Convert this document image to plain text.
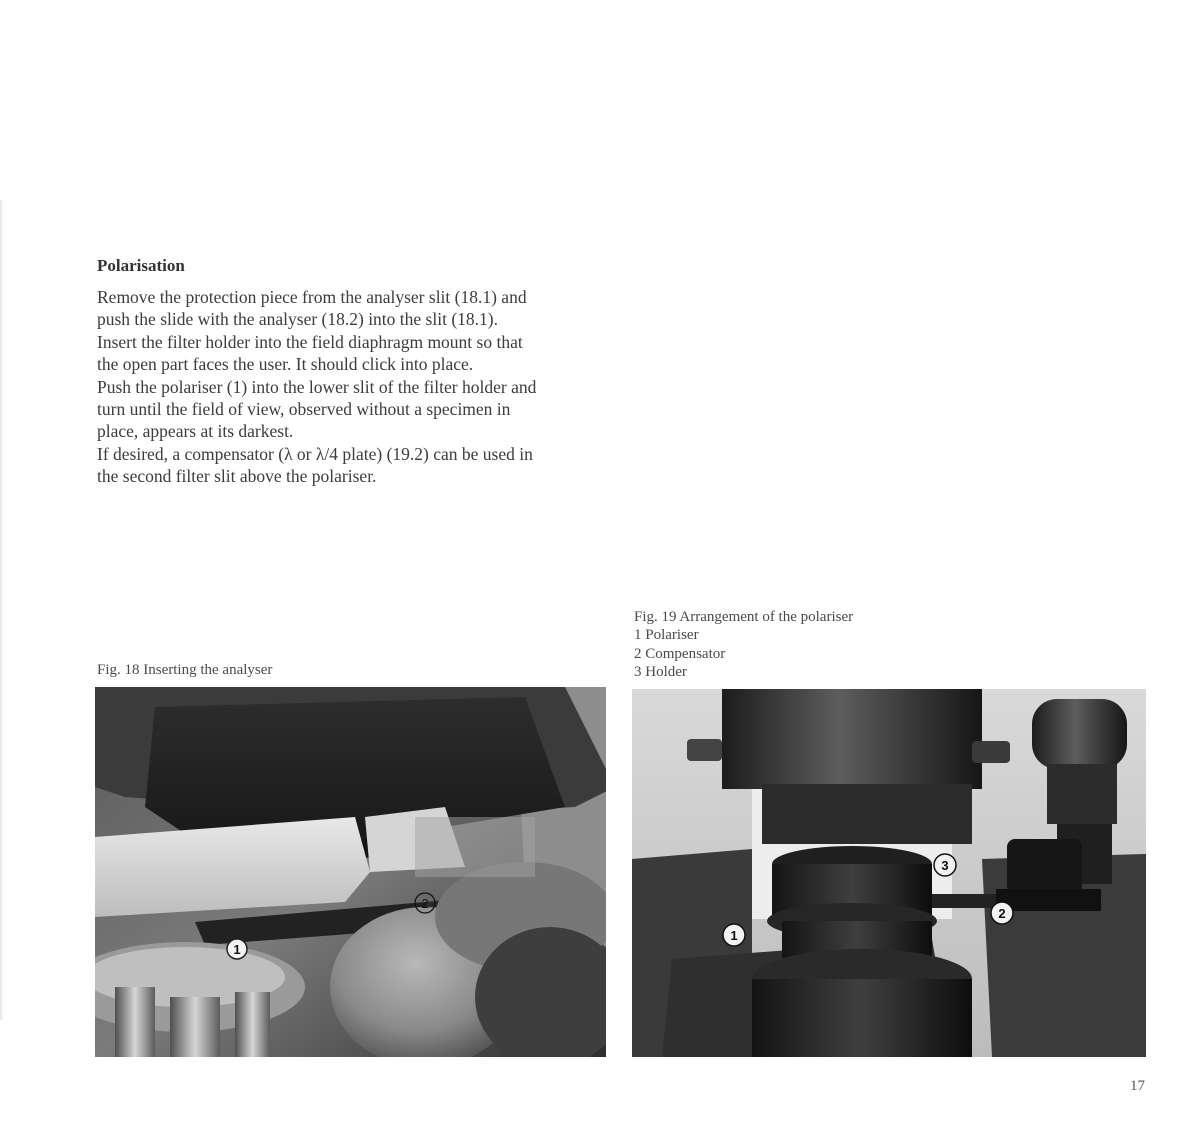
Polarisation
Remove the protection piece from the analyser slit (18.1) and
push the slide with the analyser (18.2) into the slit (18.1).
Insert the filter holder into the field diaphragm mount so that
the open part faces the user. It should click into place.
Push the polariser (1) into the lower slit of the filter holder and
turn until the field of view, observed without a specimen in
place, appears at its darkest.
If desired, a compensator (λ or λ/4 plate) (19.2) can be used in
the second filter slit above the polariser.
Fig. 18 Inserting the analyser
Fig. 19 Arrangement of the polariser
1 Polariser
2 Compensator
3 Holder
1
2
3
2
1
17
